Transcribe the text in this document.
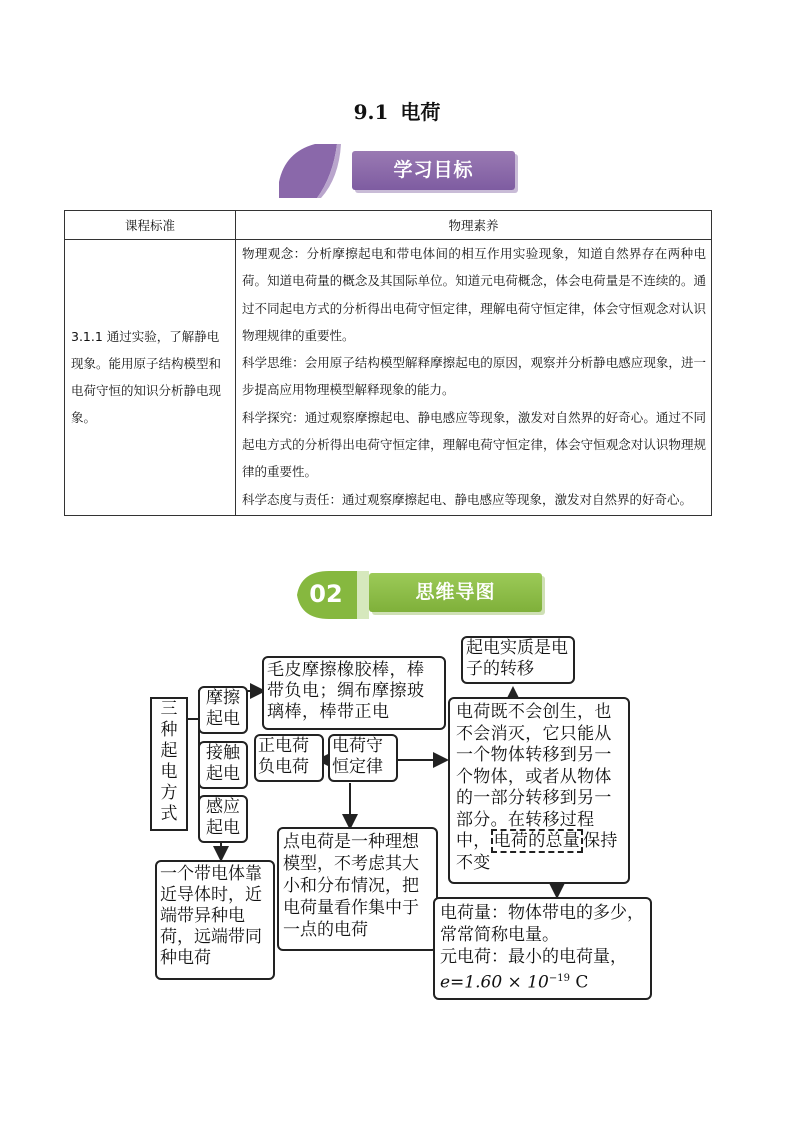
9.1 电荷
学习目标
课程标准	物理素养
3.1.1 通过实验，了解静电现象。能用原子结构模型和电荷守恒的知识分析静电现象。	物理观念：分析摩擦起电和带电体间的相互作用实验现象，知道自然界存在两种电荷。知道电荷量的概念及其国际单位。知道元电荷概念，体会电荷量是不连续的。通过不同起电方式的分析得出电荷守恒定律，理解电荷守恒定律，体会守恒观念对认识物理规律的重要性。

科学思维：会用原子结构模型解释摩擦起电的原因，观察并分析静电感应现象，进一步提高应用物理模型解释现象的能力。

科学探究：通过观察摩擦起电、静电感应等现象，激发对自然界的好奇心。通过不同起电方式的分析得出电荷守恒定律，理解电荷守恒定律，体会守恒观念对认识物理规律的重要性。

科学态度与责任：通过观察摩擦起电、静电感应等现象，激发对自然界的好奇心。

02	思维导图
三种起电方式
摩擦起电
接触起电
感应起电
毛皮摩擦橡胶棒，棒带负电；绸布摩擦玻璃棒，棒带正电
正电荷负电荷
电荷守恒定律
起电实质是电子的转移
电荷既不会创生，也不会消灭，它只能从一个物体转移到另一个物体，或者从物体的一部分转移到另一部分。在转移过程中， 电荷的总量 保持不变
一个带电体靠近导体时，近端带异种电荷，远端带同种电荷
点电荷是一种理想模型，不考虑其大小和分布情况，把电荷量看作集中于一点的电荷
电荷量：物体带电的多少，常常简称电量。
元电荷：最小的电荷量，
$e=1.60 \times 10^{-19}$ C
